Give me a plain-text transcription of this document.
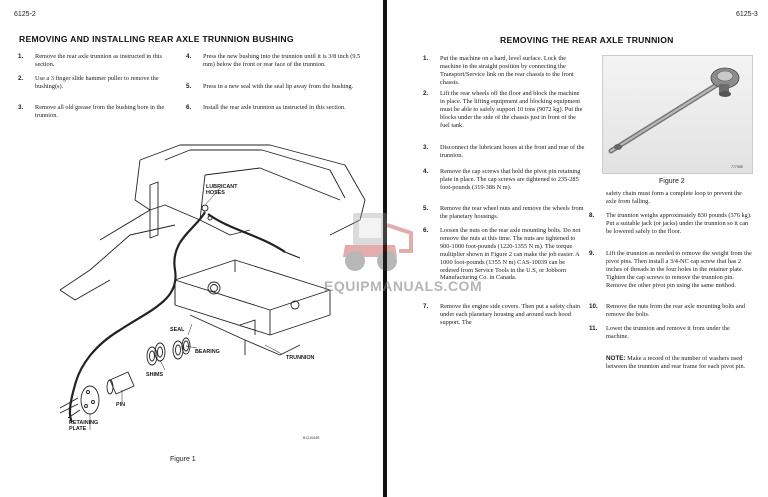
6125-2
REMOVING AND INSTALLING REAR AXLE TRUNNION BUSHING
1. Remove the rear axle trunnion as instructed in this section.
2. Use a 3 finger slide hammer puller to remove the bushing(s).
3. Remove all old grease from the bushing bore in the trunnion.
4. Press the new bushing into the trunnion until it is 3/8 inch (9.5 mm) below the front or rear face of the trunnion.
5. Press in a new seal with the seal lip away from the bushing.
6. Install the rear axle trunnion as instructed in this section.
LUBRICANT
HOSES
SEAL
BEARING
SHIMS
TRUNNION
PIN
RETAINING
PLATE
B121944R
Figure 1
6125-3
REMOVING THE REAR AXLE TRUNNION
1. Put the machine on a hard, level surface. Lock the machine in the straight position by connecting the Transport/Service link on the rear chassis to the front chassis.
2. Lift the rear wheels off the floor and block the machine in place. The lifting equipment and blocking equipment must be able to safely support 10 tons (9072 kg). Put the blocks under the side of the chassis just in front of the fuel tank.
3. Disconnect the lubricant hoses at the front and rear of the trunnion.
4. Remove the cap screws that hold the pivot pin retaining plate in place. The cap screws are tightened to 235-285 foot-pounds (319-386 N m).
5. Remove the rear wheel nuts and remove the wheels from the planetary housings.
6. Loosen the nuts on the rear axle mounting bolts. Do not remove the nuts at this time. The nuts are tightened to 900-1000 foot-pounds (1220-1355 N m). The torque multiplier shown in Figure 2 can make the job easier. A 1000 foot-pounds (1355 N m) CAS-10039 can be ordered from Service Tools in the U.S, or Jobborn Manufacturing Co. in Canada.
7. Remove the engine side covers. Then put a safety chain under each planetary housing and around each hood support. The
777395
Figure 2
safety chain must form a complete loop to prevent the axle from falling.
8. The trunnion weighs approximately 830 pounds (376 kg). Put a suitable jack (or jacks) under the trunnion so it can be lowered safely to the floor.
9. Lift the trunnion as needed to remove the weight from the pivot pins. Then install a 3/4-NC cap screw that has 2 inches of threads in the four holes in the retainer plate. Tighten the cap screws to remove the trunnion pin. Remove the other pivot pin using the same method.
10. Remove the nuts from the rear axle mounting bolts and remove the bolts.
11. Lower the trunnion and remove it from under the machine.
NOTE: Make a record of the number of washers used between the trunnion and rear frame for each pivot pin.
EQUIPMANUALS.COM
